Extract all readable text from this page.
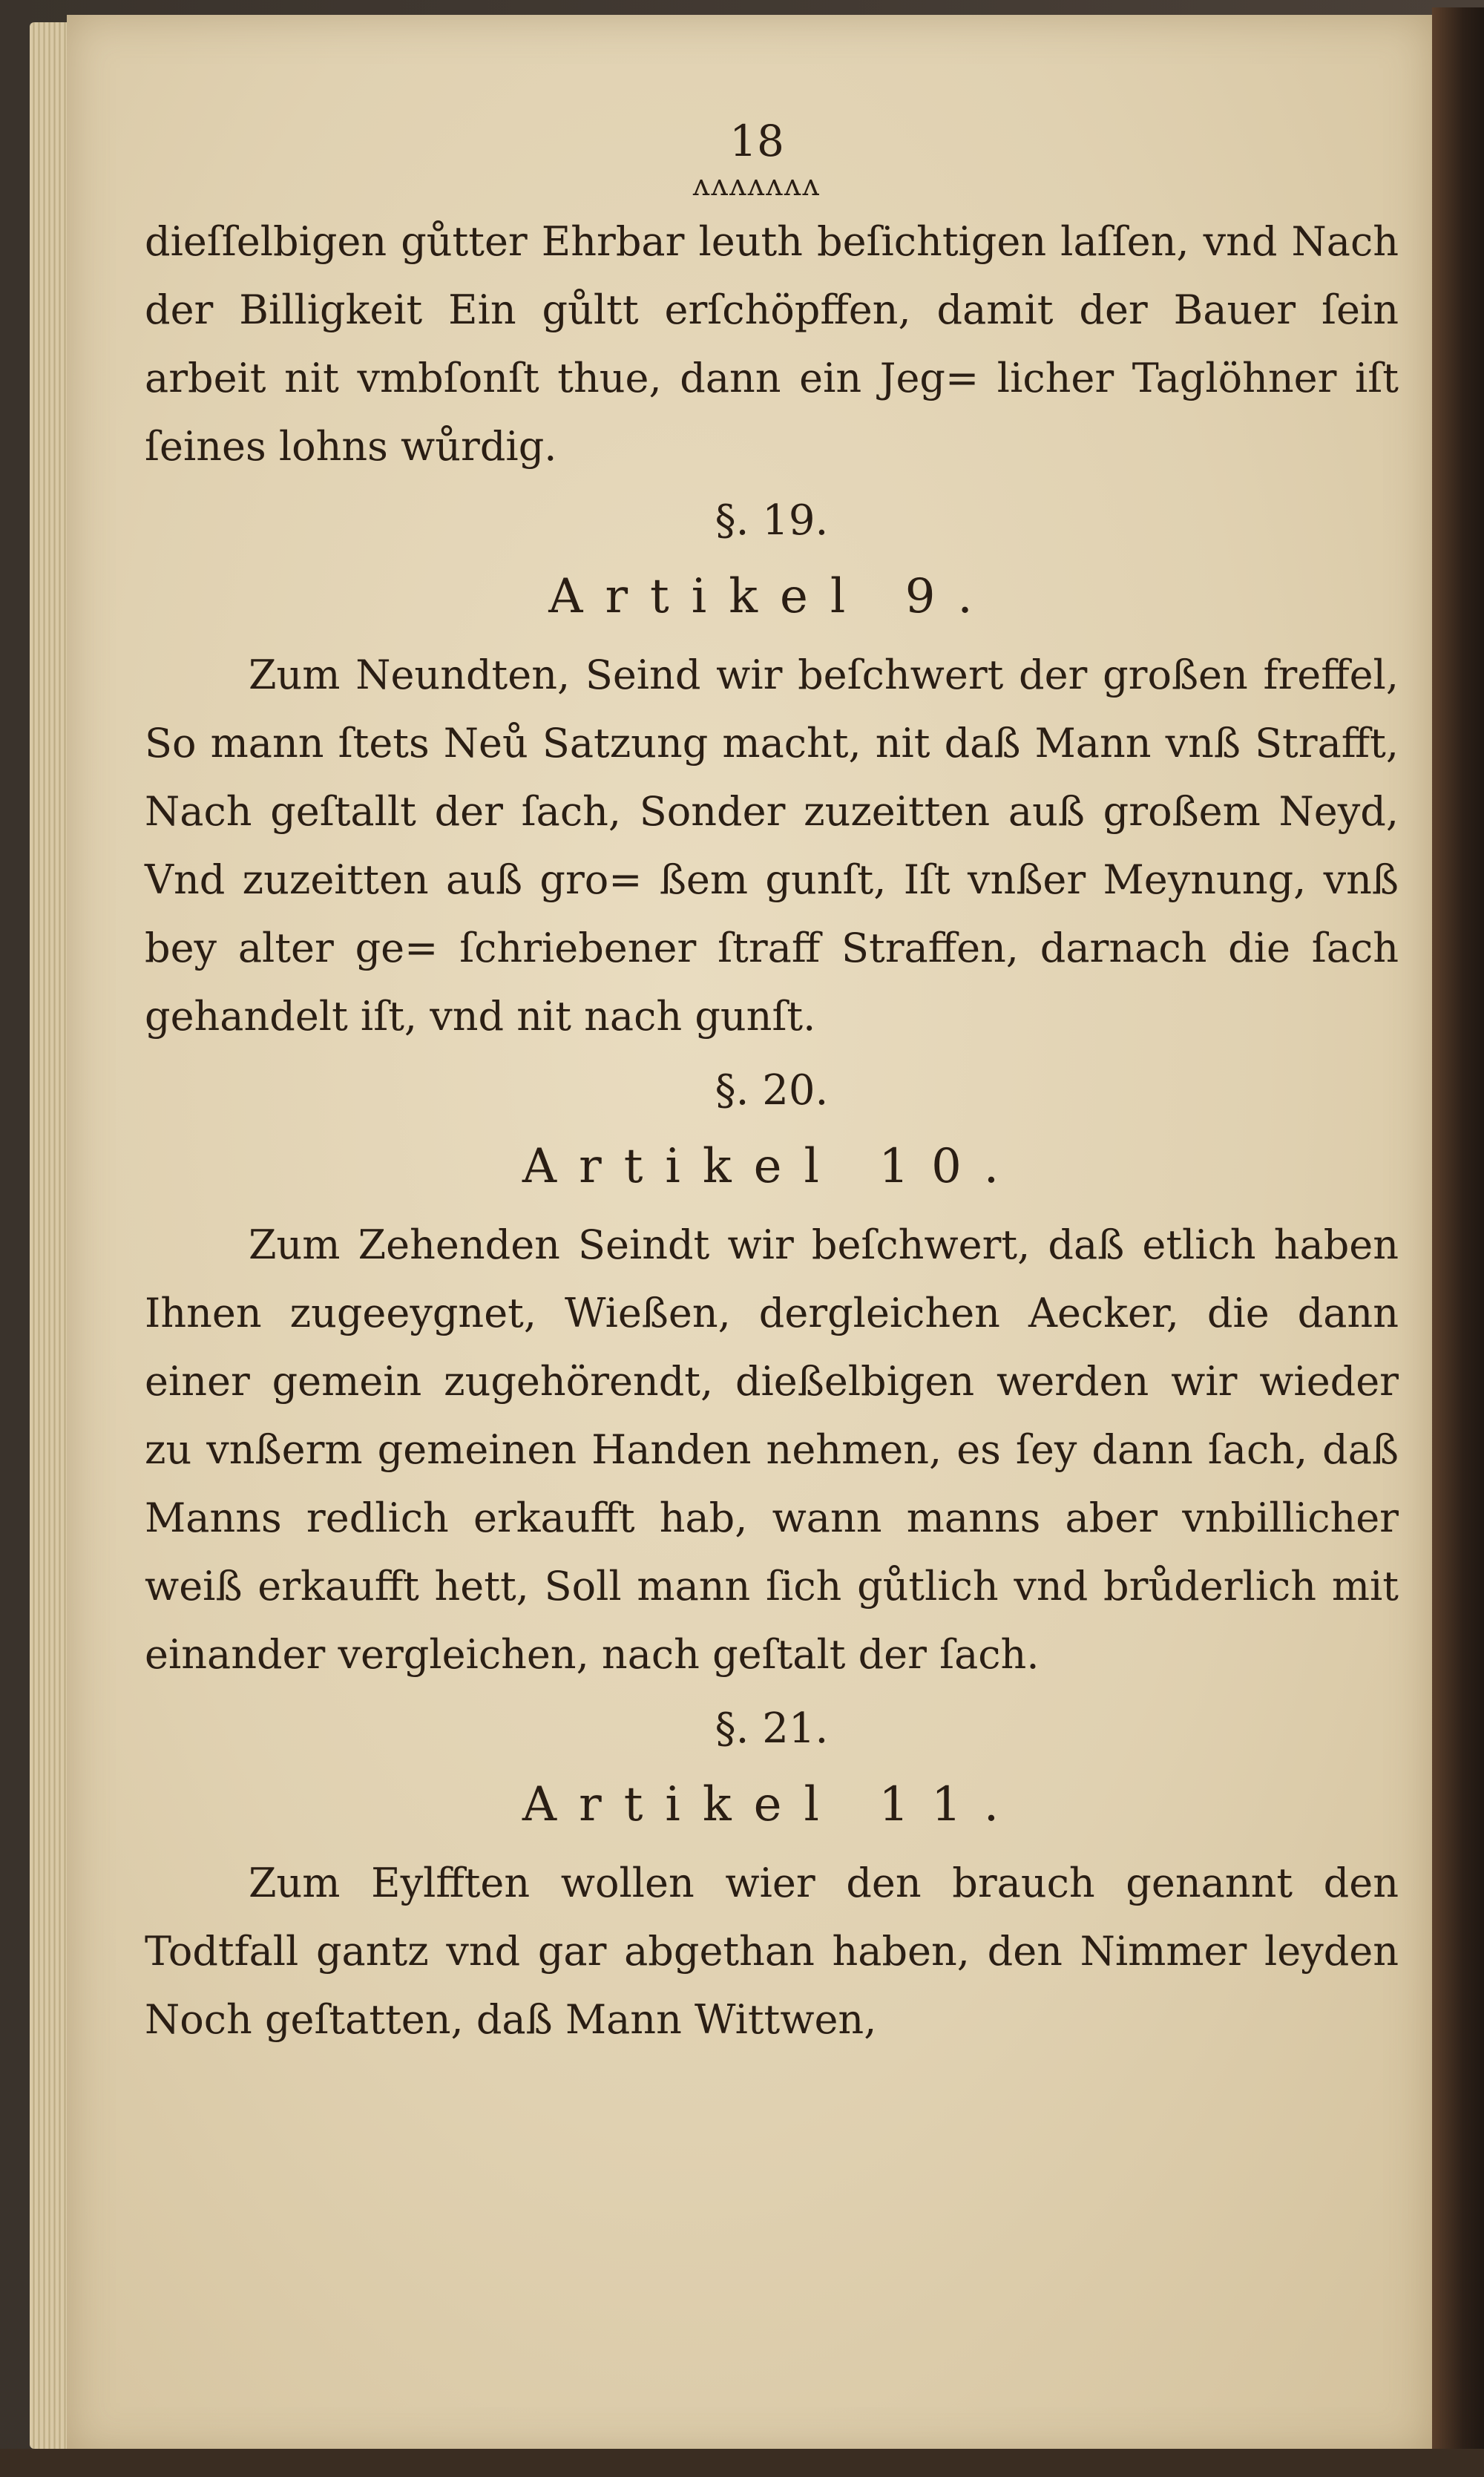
18
ʌʌʌʌʌʌʌ

dieſſelbigen gůtter Ehrbar leuth beſichtigen laſſen, vnd Nach der Billigkeit Ein gůltt erſchöpffen, damit der Bauer ſein arbeit nit vmbſonſt thue, dann ein Jeg= licher Taglöhner iſt ſeines lohns wůrdig.

§. 19.
Artikel 9.

Zum Neundten, Seind wir beſchwert der großen freffel, So mann ſtets Neů Satzung macht, nit daß Mann vnß Strafft, Nach geſtallt der ſach, Sonder zuzeitten auß großem Neyd, Vnd zuzeitten auß gro= ßem gunſt, Iſt vnßer Meynung, vnß bey alter ge= ſchriebener ſtraff Straffen, darnach die ſach gehandelt iſt, vnd nit nach gunſt.

§. 20.
Artikel 10.

Zum Zehenden Seindt wir beſchwert, daß etlich haben Ihnen zugeeygnet, Wießen, dergleichen Aecker, die dann einer gemein zugehörendt, dießelbigen werden wir wieder zu vnßerm gemeinen Handen nehmen, es ſey dann ſach, daß Manns redlich erkaufft hab, wann manns aber vnbillicher weiß erkaufft hett, Soll mann ſich gůtlich vnd brůderlich mit einander vergleichen, nach geſtalt der ſach.

§. 21.
Artikel 11.

Zum Eylfften wollen wier den brauch genannt den Todtfall gantz vnd gar abgethan haben, den Nimmer leyden Noch geſtatten, daß Mann Wittwen,
